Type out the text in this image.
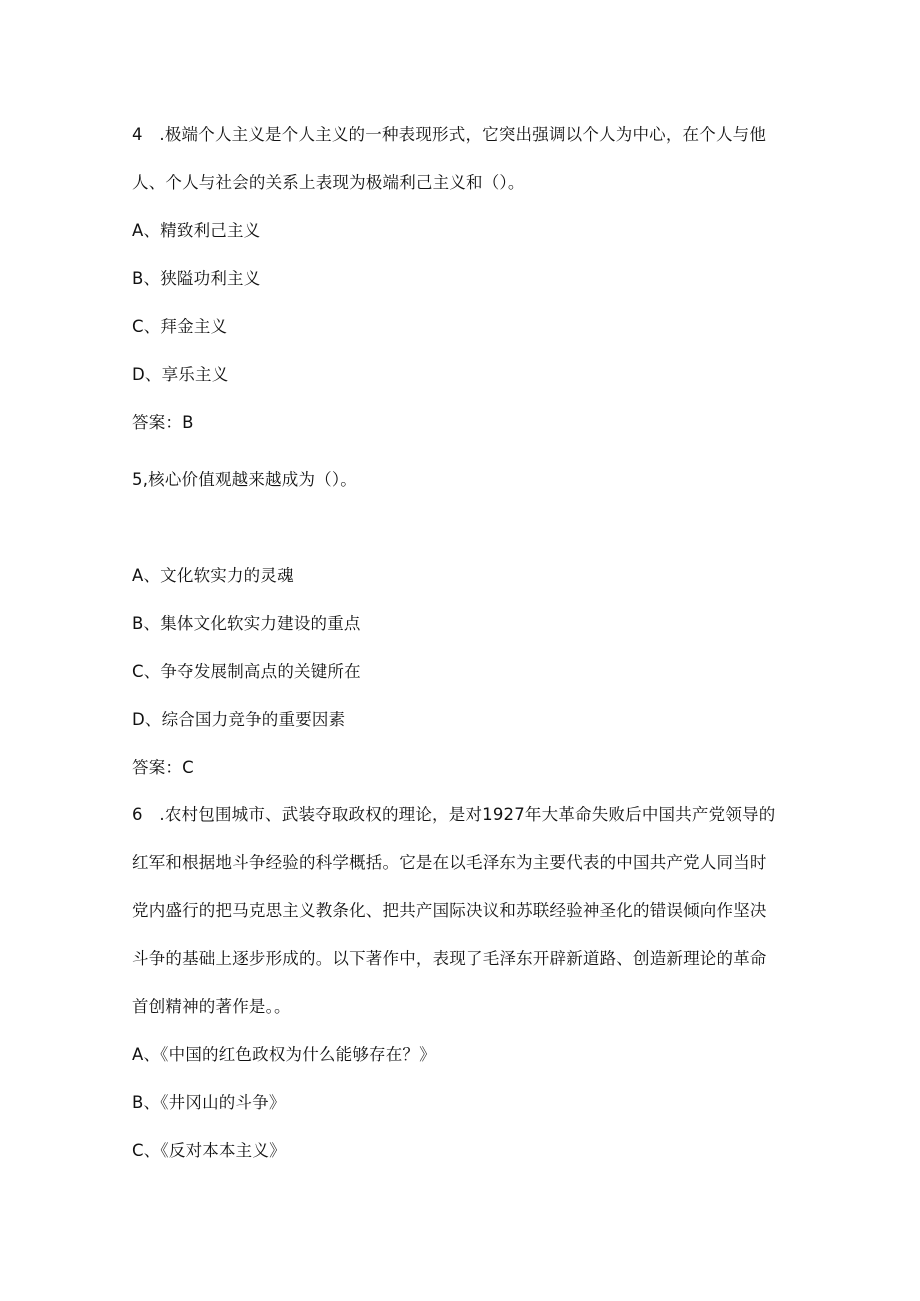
4　.极端个人主义是个人主义的一种表现形式，它突出强调以个人为中心，在个人与他
人、个人与社会的关系上表现为极端利己主义和（）。
A、精致利己主义
B、狭隘功利主义
C、拜金主义
D、享乐主义
答案：B
5,核心价值观越来越成为（）。
A、文化软实力的灵魂
B、集体文化软实力建设的重点
C、争夺发展制高点的关键所在
D、综合国力竞争的重要因素
答案：C
6　.农村包围城市、武装夺取政权的理论，是对1927年大革命失败后中国共产党领导的
红军和根据地斗争经验的科学概括。它是在以毛泽东为主要代表的中国共产党人同当时
党内盛行的把马克思主义教条化、把共产国际决议和苏联经验神圣化的错误倾向作坚决
斗争的基础上逐步形成的。以下著作中，表现了毛泽东开辟新道路、创造新理论的革命
首创精神的著作是。。
A、《中国的红色政权为什么能够存在？》
B、《井冈山的斗争》
C、《反对本本主义》
